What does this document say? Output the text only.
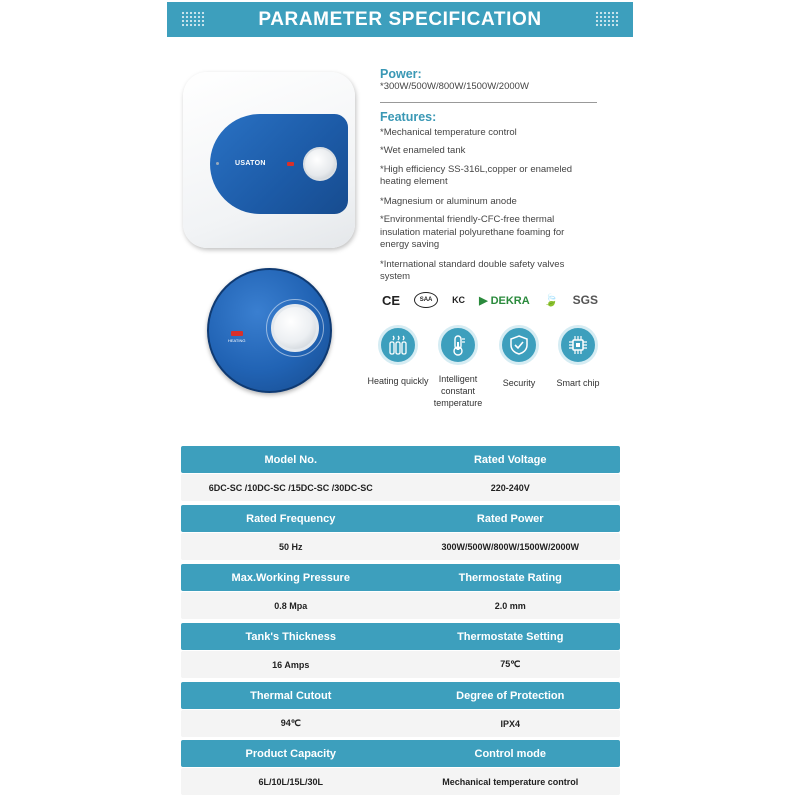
PARAMETER SPECIFICATION
USATON
HEATING
Power:
*300W/500W/800W/1500W/2000W
Features:
*Mechanical temperature control
*Wet enameled tank
*High efficiency SS-316L,copper or enameled heating element
*Magnesium or aluminum anode
*Environmental friendly-CFC-free thermal insulation material polyurethane foaming for energy saving
*International standard double safety valves system
CE	SAA	KC ▶ DEKRA 🍃 SGS
Heating quickly	Intelligent constant temperature
Security	Smart chip
Model No.	Rated Voltage
6DC-SC /10DC-SC /15DC-SC /30DC-SC	220-240V
Rated Frequency	Rated Power
50 Hz	300W/500W/800W/1500W/2000W
Max.Working Pressure	Thermostate Rating
0.8 Mpa	2.0 mm
Tank's Thickness	Thermostate Setting
16 Amps	75℃
Thermal Cutout	Degree of Protection
94℃	IPX4
Product Capacity	Control mode
6L/10L/15L/30L	Mechanical temperature control
